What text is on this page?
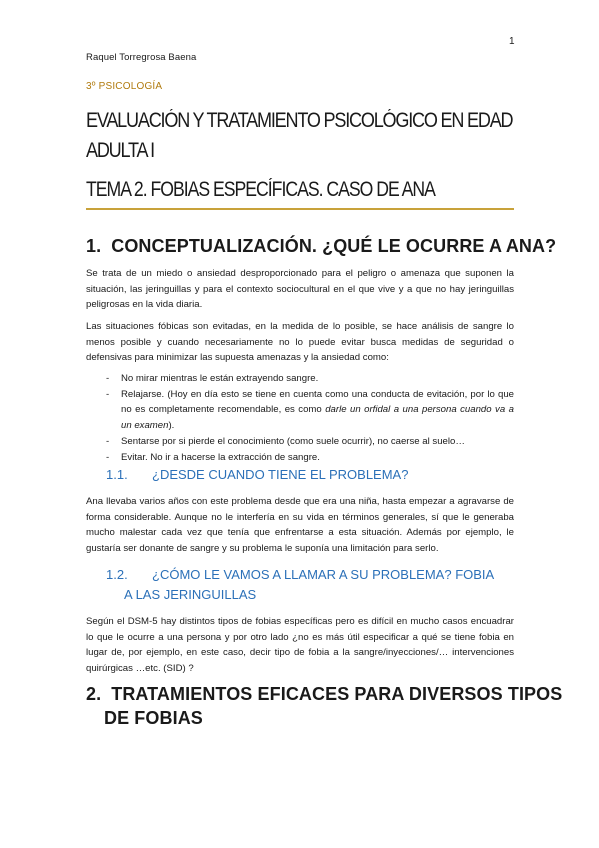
1
Raquel Torregrosa Baena
3º PSICOLOGÍA
EVALUACIÓN Y TRATAMIENTO PSICOLÓGICO EN EDAD
ADULTA I
TEMA 2. FOBIAS ESPECÍFICAS. CASO DE ANA
1. CONCEPTUALIZACIÓN. ¿QUÉ LE OCURRE A ANA?
Se trata de un miedo o ansiedad desproporcionado para el peligro o amenaza que suponen la situación, las jeringuillas y para el contexto sociocultural en el que vive y a que no hay jeringuillas peligrosas en la vida diaria.
Las situaciones fóbicas son evitadas, en la medida de lo posible, se hace análisis de sangre lo menos posible y cuando necesariamente no lo puede evitar busca medidas de seguridad o defensivas para minimizar las supuesta amenazas y la ansiedad como:
- No mirar mientras le están extrayendo sangre.
- Relajarse. (Hoy en día esto se tiene en cuenta como una conducta de evitación, por lo que no es completamente recomendable, es como darle un orfidal a una persona cuando va a un examen).
- Sentarse por si pierde el conocimiento (como suele ocurrir), no caerse al suelo…
- Evitar. No ir a hacerse la extracción de sangre.
1.1. ¿DESDE CUANDO TIENE EL PROBLEMA?
Ana llevaba varios años con este problema desde que era una niña, hasta empezar a agravarse de forma considerable. Aunque no le interfería en su vida en términos generales, sí que le generaba mucho malestar cada vez que tenía que enfrentarse a esta situación. Además por ejemplo, le gustaría ser donante de sangre y su problema le suponía una limitación para serlo.
1.2. ¿CÓMO LE VAMOS A LLAMAR A SU PROBLEMA? FOBIA
A LAS JERINGUILLAS
Según el DSM-5 hay distintos tipos de fobias específicas pero es difícil en mucho casos encuadrar lo que le ocurre a una persona y por otro lado ¿no es más útil especificar a qué se tiene fobia en lugar de, por ejemplo, en este caso, decir tipo de fobia a la sangre/inyecciones/… intervenciones quirúrgicas …etc. (SID) ?
2. TRATAMIENTOS EFICACES PARA DIVERSOS TIPOS
DE FOBIAS
